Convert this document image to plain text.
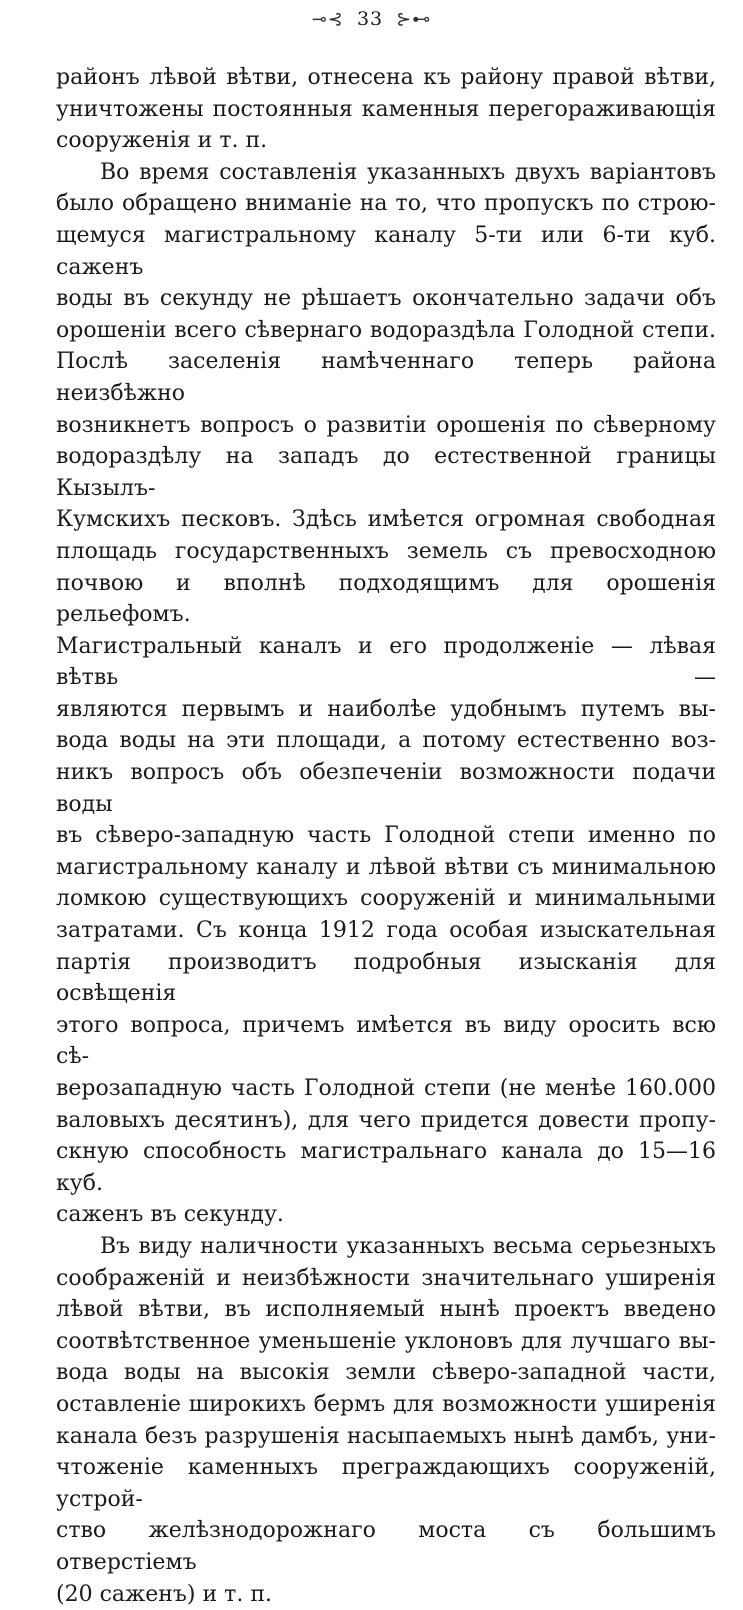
⊸⊰ 33 ⊱⊷

районъ лѣвой вѣтви, отнесена къ району правой вѣтви,
уничтожены постоянныя каменныя перегораживающія
сооруженія и т. п.

Во время составленія указанныхъ двухъ варіантовъ
было обращено вниманіе на то, что пропускъ по строю-
щемуся магистральному каналу 5-ти или 6-ти куб. саженъ
воды въ секунду не рѣшаетъ окончательно задачи объ
орошеніи всего сѣвернаго водораздѣла Голодной степи.
Послѣ заселенія намѣченнаго теперь района неизбѣжно
возникнетъ вопросъ о развитіи орошенія по сѣверному
водораздѣлу на западъ до естественной границы Кызылъ-
Кумскихъ песковъ. Здѣсь имѣется огромная свободная
площадь государственныхъ земель съ превосходною
почвою и вполнѣ подходящимъ для орошенія рельефомъ.
Магистральный каналъ и его продолженіе — лѣвая вѣтвь —
являются первымъ и наиболѣе удобнымъ путемъ вы-
вода воды на эти площади, а потому естественно воз-
никъ вопросъ объ обезпеченіи возможности подачи воды
въ сѣверо-западную часть Голодной степи именно по
магистральному каналу и лѣвой вѣтви съ минимальною
ломкою существующихъ сооруженій и минимальными
затратами. Съ конца 1912 года особая изыскательная
партія производитъ подробныя изысканія для освѣщенія
этого вопроса, причемъ имѣется въ виду оросить всю сѣ-
верозападную часть Голодной степи (не менѣе 160.000
валовыхъ десятинъ), для чего придется довести пропу-
скную способность магистральнаго канала до 15—16 куб.
саженъ въ секунду.

Въ виду наличности указанныхъ весьма серьезныхъ
соображеній и неизбѣжности значительнаго уширенія
лѣвой вѣтви, въ исполняемый нынѣ проектъ введено
соотвѣтственное уменьшеніе уклоновъ для лучшаго вы-
вода воды на высокія земли сѣверо-западной части,
оставленіе широкихъ бермъ для возможности уширенія
канала безъ разрушенія насыпаемыхъ нынѣ дамбъ, уни-
чтоженіе каменныхъ преграждающихъ сооруженій, устрой-
ство желѣзнодорожнаго моста съ большимъ отверстіемъ
(20 саженъ) и т. п.
